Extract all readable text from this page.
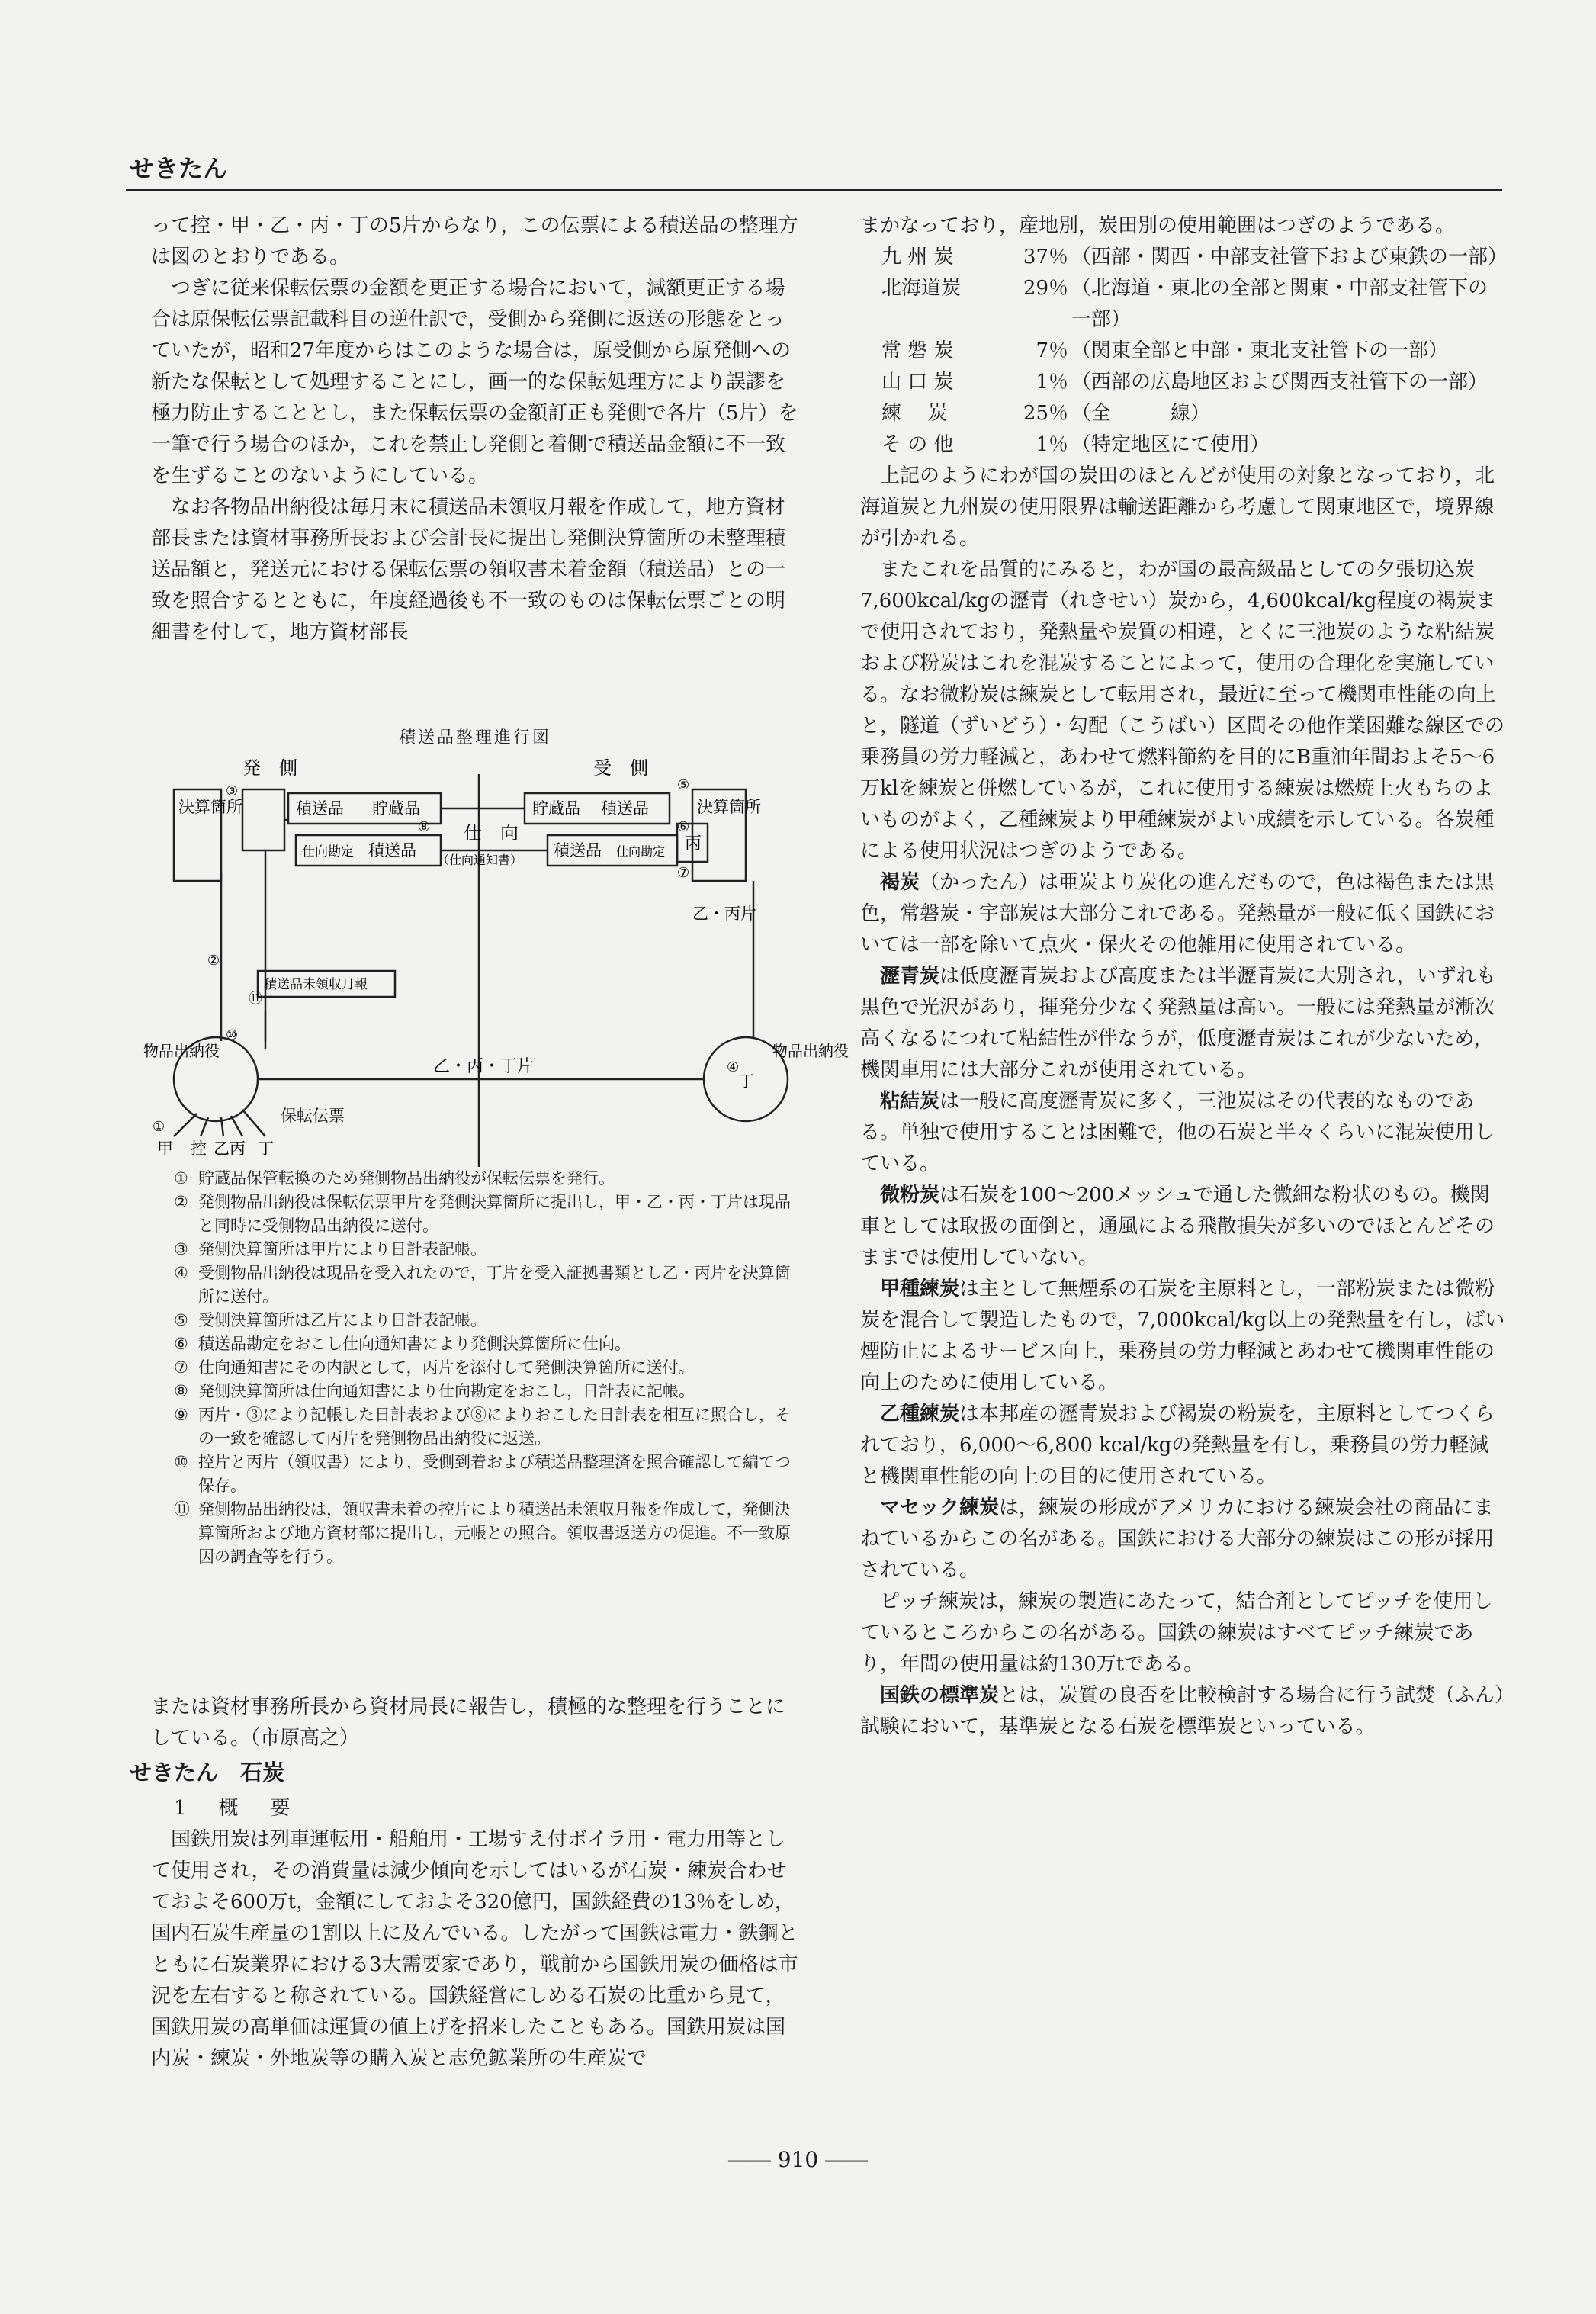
せきたん

って控・甲・乙・丙・丁の5片からなり，この伝票による積送品の整理方は図のとおりである。

つぎに従来保転伝票の金額を更正する場合において，減額更正する場合は原保転伝票記載科目の逆仕訳で，受側から発側に返送の形態をとっていたが，昭和27年度からはこのような場合は，原受側から原発側への新たな保転として処理することにし，画一的な保転処理方により誤謬を極力防止することとし，また保転伝票の金額訂正も発側で各片（5片）を一筆で行う場合のほか，これを禁止し発側と着側で積送品金額に不一致を生ずることのないようにしている。

なお各物品出納役は毎月末に積送品未領収月報を作成して，地方資材部長または資材事務所長および会計長に提出し発側決算箇所の未整理積送品額と，発送元における保転伝票の領収書未着金額（積送品）との一致を照合するとともに，年度経過後も不一致のものは保転伝票ごとの明細書を付して，地方資材部長

積送品整理進行図
発　側	受　側
決算箇所	積送品 貯蔵品
仕向勘定 積送品
仕　向
（仕向通知書）
貯蔵品 積送品
積送品 仕向勘定 丙
決算箇所
乙・丙片
積送品未領収月報
乙・丙・丁片
物品出納役	物品出納役
保転伝票
甲 控 乙丙 丁
丁
①
②
③
④
⑤
⑥
⑦
⑧
⑩
⑪
① 貯蔵品保管転換のため発側物品出納役が保転伝票を発行。
② 発側物品出納役は保転伝票甲片を発側決算箇所に提出し，甲・乙・丙・丁片は現品と同時に受側物品出納役に送付。
③ 発側決算箇所は甲片により日計表記帳。
④ 受側物品出納役は現品を受入れたので，丁片を受入証拠書類とし乙・丙片を決算箇所に送付。
⑤ 受側決算箇所は乙片により日計表記帳。
⑥ 積送品勘定をおこし仕向通知書により発側決算箇所に仕向。
⑦ 仕向通知書にその内訳として，丙片を添付して発側決算箇所に送付。
⑧ 発側決算箇所は仕向通知書により仕向勘定をおこし，日計表に記帳。
⑨ 丙片・③により記帳した日計表および⑧によりおこした日計表を相互に照合し，その一致を確認して丙片を発側物品出納役に返送。
⑩ 控片と丙片（領収書）により，受側到着および積送品整理済を照合確認して編てつ保存。
⑪ 発側物品出納役は，領収書未着の控片により積送品未領収月報を作成して，発側決算箇所および地方資材部に提出し，元帳との照合。領収書返送方の促進。不一致原因の調査等を行う。

または資材事務所長から資材局長に報告し，積極的な整理を行うことにしている。（市原高之）

せきたん　石炭
1　概　要

国鉄用炭は列車運転用・船舶用・工場すえ付ボイラ用・電力用等として使用され，その消費量は減少傾向を示してはいるが石炭・練炭合わせておよそ600万t，金額にしておよそ320億円，国鉄経費の13％をしめ，国内石炭生産量の1割以上に及んでいる。したがって国鉄は電力・鉄鋼とともに石炭業界における3大需要家であり，戦前から国鉄用炭の価格は市況を左右すると称されている。国鉄経営にしめる石炭の比重から見て，国鉄用炭の高単価は運賃の値上げを招来したこともある。国鉄用炭は国内炭・練炭・外地炭等の購入炭と志免鉱業所の生産炭で

まかなっており，産地別，炭田別の使用範囲はつぎのようである。

九 州 炭	37％ （西部・関西・中部支社管下および東鉄の一部）
北海道炭	29％ （北海道・東北の全部と関東・中部支社管下の一部）
常 磐 炭	7％ （関東全部と中部・東北支社管下の一部）
山 口 炭	1％ （西部の広島地区および関西支社管下の一部）
練　 炭	25％ （全　　　線）
そ の 他	1％ （特定地区にて使用）

上記のようにわが国の炭田のほとんどが使用の対象となっており，北海道炭と九州炭の使用限界は輸送距離から考慮して関東地区で，境界線が引かれる。

またこれを品質的にみると，わが国の最高級品としての夕張切込炭7,600kcal/kgの瀝青（れきせい）炭から，4,600kcal/kg程度の褐炭まで使用されており，発熱量や炭質の相違，とくに三池炭のような粘結炭および粉炭はこれを混炭することによって，使用の合理化を実施している。なお微粉炭は練炭として転用され，最近に至って機関車性能の向上と，隧道（ずいどう）・勾配（こうばい）区間その他作業困難な線区での乗務員の労力軽減と，あわせて燃料節約を目的にB重油年間およそ5～6万klを練炭と併燃しているが，これに使用する練炭は燃焼上火もちのよいものがよく，乙種練炭より甲種練炭がよい成績を示している。各炭種による使用状況はつぎのようである。

褐炭（かったん）は亜炭より炭化の進んだもので，色は褐色または黒色，常磐炭・宇部炭は大部分これである。発熱量が一般に低く国鉄においては一部を除いて点火・保火その他雑用に使用されている。

瀝青炭は低度瀝青炭および高度または半瀝青炭に大別され，いずれも黒色で光沢があり，揮発分少なく発熱量は高い。一般には発熱量が漸次高くなるにつれて粘結性が伴なうが，低度瀝青炭はこれが少ないため，機関車用には大部分これが使用されている。

粘結炭は一般に高度瀝青炭に多く，三池炭はその代表的なものである。単独で使用することは困難で，他の石炭と半々くらいに混炭使用している。

微粉炭は石炭を100～200メッシュで通した微細な粉状のもの。機関車としては取扱の面倒と，通風による飛散損失が多いのでほとんどそのままでは使用していない。

甲種練炭は主として無煙系の石炭を主原料とし，一部粉炭または微粉炭を混合して製造したもので，7,000kcal/kg以上の発熱量を有し，ばい煙防止によるサービス向上，乗務員の労力軽減とあわせて機関車性能の向上のために使用している。

乙種練炭は本邦産の瀝青炭および褐炭の粉炭を，主原料としてつくられており，6,000～6,800 kcal/kgの発熱量を有し，乗務員の労力軽減と機関車性能の向上の目的に使用されている。

マセック練炭は，練炭の形成がアメリカにおける練炭会社の商品にまねているからこの名がある。国鉄における大部分の練炭はこの形が採用されている。

ピッチ練炭は，練炭の製造にあたって，結合剤としてピッチを使用しているところからこの名がある。国鉄の練炭はすべてピッチ練炭であり，年間の使用量は約130万tである。

国鉄の標準炭とは，炭質の良否を比較検討する場合に行う試焚（ふん）試験において，基準炭となる石炭を標準炭といっている。

―― 910 ――
